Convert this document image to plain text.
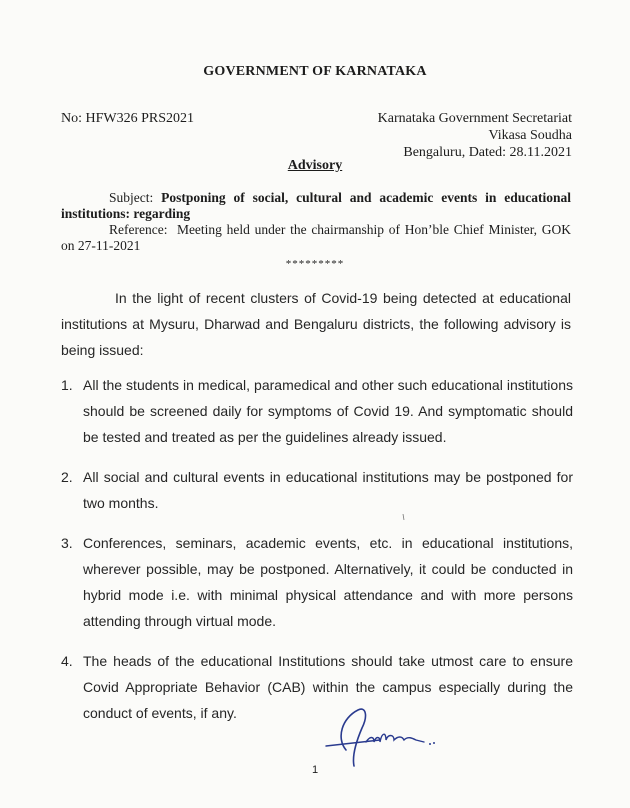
GOVERNMENT OF KARNATAKA
No: HFW326 PRS2021	Karnataka Government Secretariat
Vikasa Soudha
Bengaluru, Dated: 28.11.2021
Advisory
Subject: Postponing of social, cultural and academic events in educational institutions: regarding
Reference: Meeting held under the chairmanship of Hon’ble Chief Minister, GOK on 27-11-2021
*********
In the light of recent clusters of Covid-19 being detected at educational institutions at Mysuru, Dharwad and Bengaluru districts, the following advisory is being issued:
1. All the students in medical, paramedical and other such educational institutions should be screened daily for symptoms of Covid 19. And symptomatic should be tested and treated as per the guidelines already issued.
2. All social and cultural events in educational institutions may be postponed for two months.
3. Conferences, seminars, academic events, etc. in educational institutions, wherever possible, may be postponed. Alternatively, it could be conducted in hybrid mode i.e. with minimal physical attendance and with more persons attending through virtual mode.
4. The heads of the educational Institutions should take utmost care to ensure Covid Appropriate Behavior (CAB) within the campus especially during the conduct of events, if any.
1
